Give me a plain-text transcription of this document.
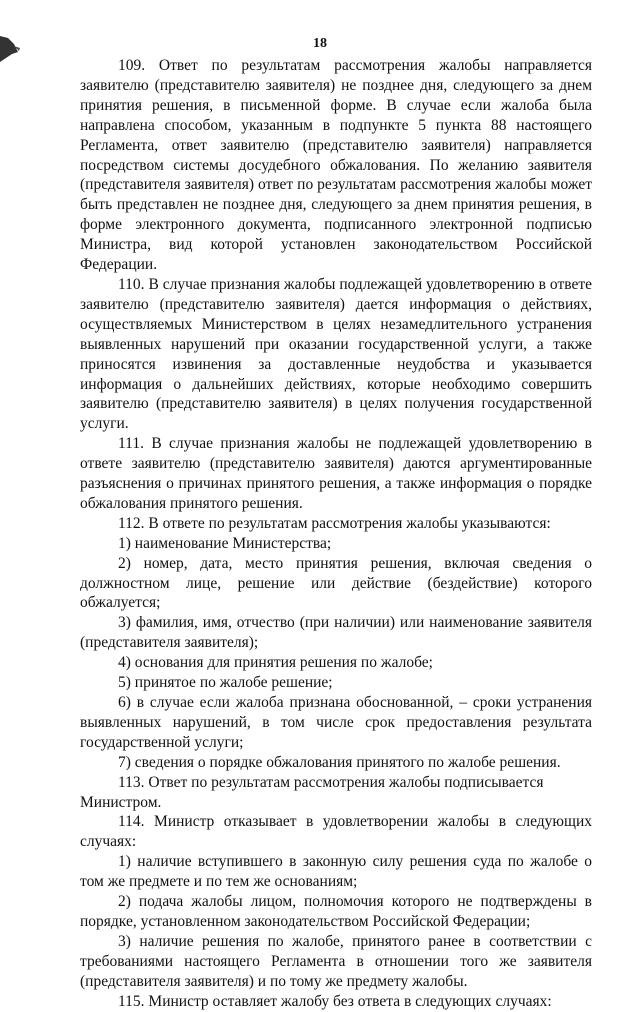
18

109. Ответ по результатам рассмотрения жалобы направляется заявителю (представителю заявителя) не позднее дня, следующего за днем принятия решения, в письменной форме. В случае если жалоба была направлена способом, указанным в подпункте 5 пункта 88 настоящего Регламента, ответ заявителю (представителю заявителя) направляется посредством системы досудебного обжалования. По желанию заявителя (представителя заявителя) ответ по результатам рассмотрения жалобы может быть представлен не позднее дня, следующего за днем принятия решения, в форме электронного документа, подписанного электронной подписью Министра, вид которой установлен законодательством Российской Федерации.

110. В случае признания жалобы подлежащей удовлетворению в ответе заявителю (представителю заявителя) дается информация о действиях, осуществляемых Министерством в целях незамедлительного устранения выявленных нарушений при оказании государственной услуги, а также приносятся извинения за доставленные неудобства и указывается информация о дальнейших действиях, которые необходимо совершить заявителю (представителю заявителя) в целях получения государственной услуги.

111. В случае признания жалобы не подлежащей удовлетворению в ответе заявителю (представителю заявителя) даются аргументированные разъяснения о причинах принятого решения, а также информация о порядке обжалования принятого решения.

112. В ответе по результатам рассмотрения жалобы указываются:

1) наименование Министерства;

2) номер, дата, место принятия решения, включая сведения о должностном лице, решение или действие (бездействие) которого обжалуется;

3) фамилия, имя, отчество (при наличии) или наименование заявителя (представителя заявителя);

4) основания для принятия решения по жалобе;

5) принятое по жалобе решение;

6) в случае если жалоба признана обоснованной, – сроки устранения выявленных нарушений, в том числе срок предоставления результата государственной услуги;

7) сведения о порядке обжалования принятого по жалобе решения.

113. Ответ по результатам рассмотрения жалобы подписывается Министром.

114. Министр отказывает в удовлетворении жалобы в следующих случаях:

1) наличие вступившего в законную силу решения суда по жалобе о том же предмете и по тем же основаниям;

2) подача жалобы лицом, полномочия которого не подтверждены в порядке, установленном законодательством Российской Федерации;

3) наличие решения по жалобе, принятого ранее в соответствии с требованиями настоящего Регламента в отношении того же заявителя (представителя заявителя) и по тому же предмету жалобы.

115. Министр оставляет жалобу без ответа в следующих случаях:
